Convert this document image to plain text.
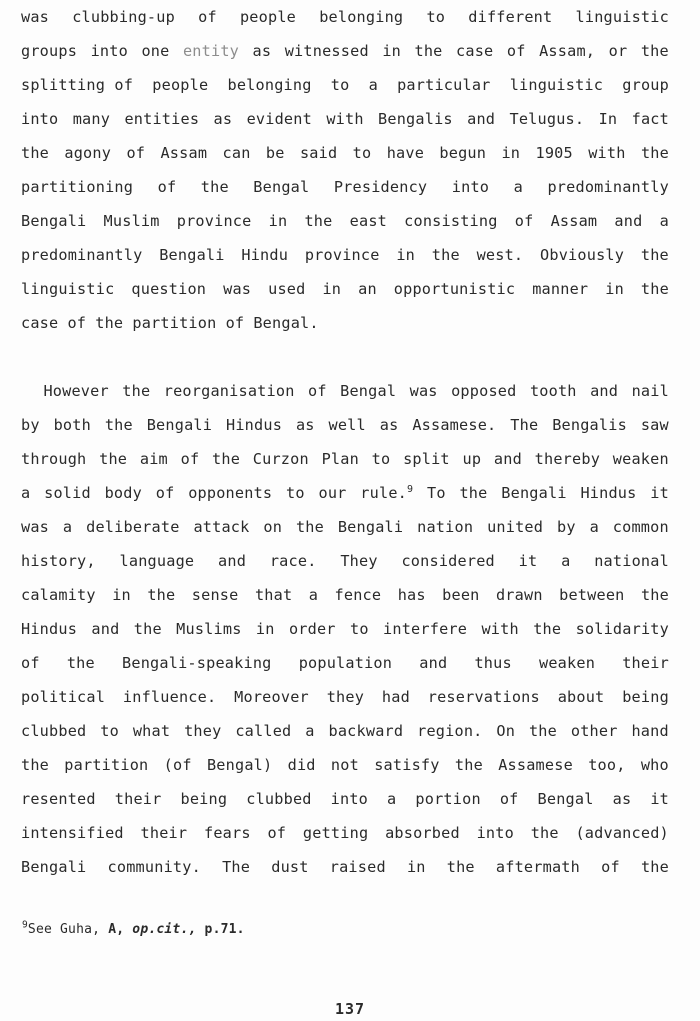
was clubbing-up of people belonging to different linguistic
groups into one entity as witnessed in the case of Assam, or the
splitting of people belonging to a particular linguistic group
into many entities as evident with Bengalis and Telugus. In fact
the agony of Assam can be said to have begun in 1905 with the
partitioning of the Bengal Presidency into a predominantly
Bengali Muslim province in the east consisting of Assam and a
predominantly Bengali Hindu province in the west. Obviously the
linguistic question was used in an opportunistic manner in the
case of the partition of Bengal.
However the reorganisation of Bengal was opposed tooth and nail
by both the Bengali Hindus as well as Assamese. The Bengalis saw
through the aim of the Curzon Plan to split up and thereby weaken
a solid body of opponents to our rule.$^9$ To the Bengali Hindus it
was a deliberate attack on the Bengali nation united by a common
history, language and race. They considered it a national
calamity in the sense that a fence has been drawn between the
Hindus and the Muslims in order to interfere with the solidarity
of the Bengali-speaking population and thus weaken their
political influence. Moreover they had reservations about being
clubbed to what they called a backward region. On the other hand
the partition (of Bengal) did not satisfy the Assamese too, who
resented their being clubbed into a portion of Bengal as it
intensified their fears of getting absorbed into the (advanced)
Bengali community. The dust raised in the aftermath of the
$^9$See Guha, A, op.cit., p.71.
137
